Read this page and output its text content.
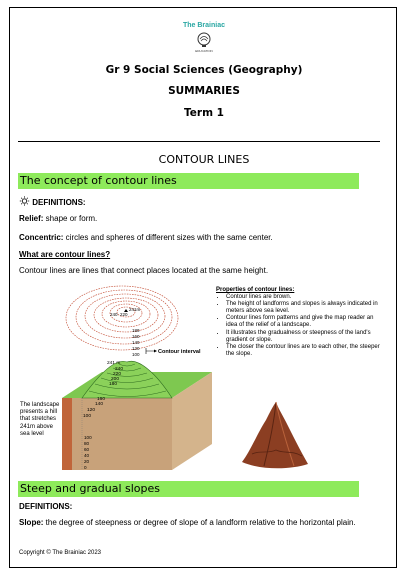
The Brainiac
EDUCATION
Gr 9 Social Sciences (Geography)
SUMMARIES
Term 1
CONTOUR LINES
The concept of contour lines
DEFINITIONS:
Relief: shape or form.
Concentric: circles and spheres of different sizes with the same center.
What are contour lines?
Contour lines are lines that connect places located at the same height.
241m
240 220
180
160
140
120
100	Contour interval
Properties of contour lines:
• Contour lines are brown.
• The height of landforms and slopes is always indicated in meters above sea level.
• Contour lines form patterns and give the map reader an idea of the relief of a landscape.
• It illustrates the gradualness or steepness of the land's gradient or slope.
• The closer the contour lines are to each other, the steeper the slope.
241 m
240
220
200
180
160
140
120
100
100
80
60
40
20
0
The landscape presents a hill that stretches 241m above sea level
Steep and gradual slopes
DEFINITIONS:
Slope: the degree of steepness or degree of slope of a landform relative to the horizontal plain.
Copyright © The Brainiac 2023
